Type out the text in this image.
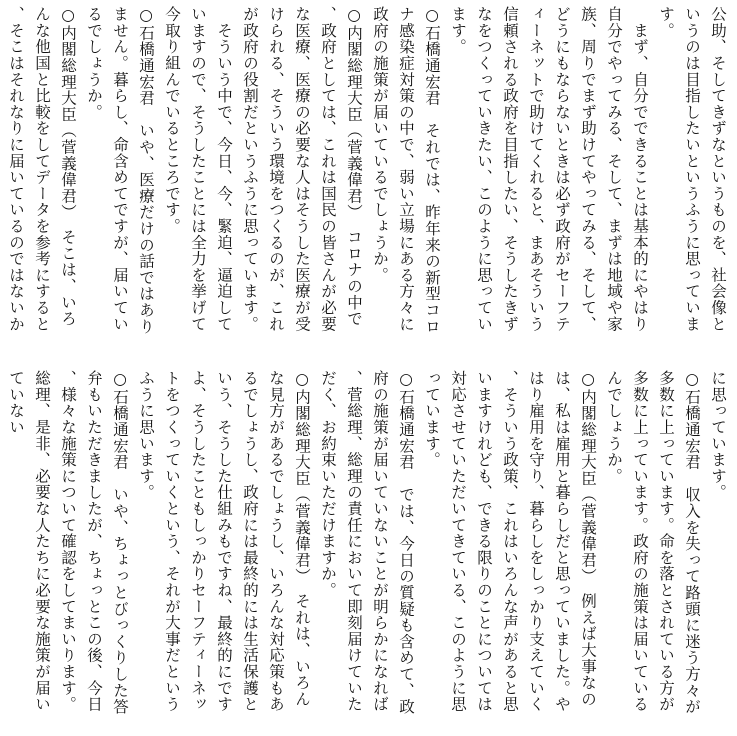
公助、そしてきずなというものを、社会像と
いうのは目指したいというふうに思っていま
す。
　まず、自分でできることは基本的にやはり
自分でやってみる、そして、まずは地域や家
族、周りでまず助けてやってみる、そして、
どうにもならないときは必ず政府がセーフテ
ィーネットで助けてくれると、まあそういう
信頼される政府を目指したい、そうしたきず
なをつくっていきたい、このように思ってい
ます。
○石橋通宏君　それでは、昨年来の新型コロ
ナ感染症対策の中で、弱い立場にある方々に
政府の施策が届いているでしょうか。
○内閣総理大臣（菅義偉君）　コロナの中で
、政府としては、これは国民の皆さんが必要
な医療、医療の必要な人はそうした医療が受
けられる、そういう環境をつくるのが、これ
が政府の役割だというふうに思っています。
　そういう中で、今日、今、緊迫、逼迫して
いますので、そうしたことには全力を挙げて
今取り組んでいるところです。
○石橋通宏君　いや、医療だけの話ではあり
ません。暮らし、命含めてですが、届いてい
るでしょうか。
○内閣総理大臣（菅義偉君）　そこは、いろ
んな他国と比較をしてデータを参考にすると
、そこはそれなりに届いているのではないか

に思っています。
○石橋通宏君　収入を失って路頭に迷う方々が
多数に上っています。命を落とされている方が
多数に上っています。政府の施策は届いている
んでしょうか。
○内閣総理大臣（菅義偉君）　例えば大事なの
は、私は雇用と暮らしだと思っていました。や
はり雇用を守り、暮らしをしっかり支えていく
、そういう政策、これはいろんな声があると思
いますけれども、できる限りのことについては
対応させていただいてきている、このように思
っています。
○石橋通宏君　では、今日の質疑も含めて、政
府の施策が届いていないことが明らかになれば
、菅総理、総理の責任において即刻届けていた
だく、お約束いただけますか。
○内閣総理大臣（菅義偉君）　それは、いろん
な見方があるでしょうし、いろんな対応策もあ
るでしょうし、政府には最終的には生活保護と
いう、そうした仕組みもですね、最終的にです
よ、そうしたこともしっかりセーフティーネッ
トをつくっていくという、それが大事だという
ふうに思います。
○石橋通宏君　いや、ちょっとびっくりした答
弁もいただきましたが、ちょっとこの後、今日
、様々な施策について確認をしてまいります。
総理、是非、必要な人たちに必要な施策が届い
ていない
